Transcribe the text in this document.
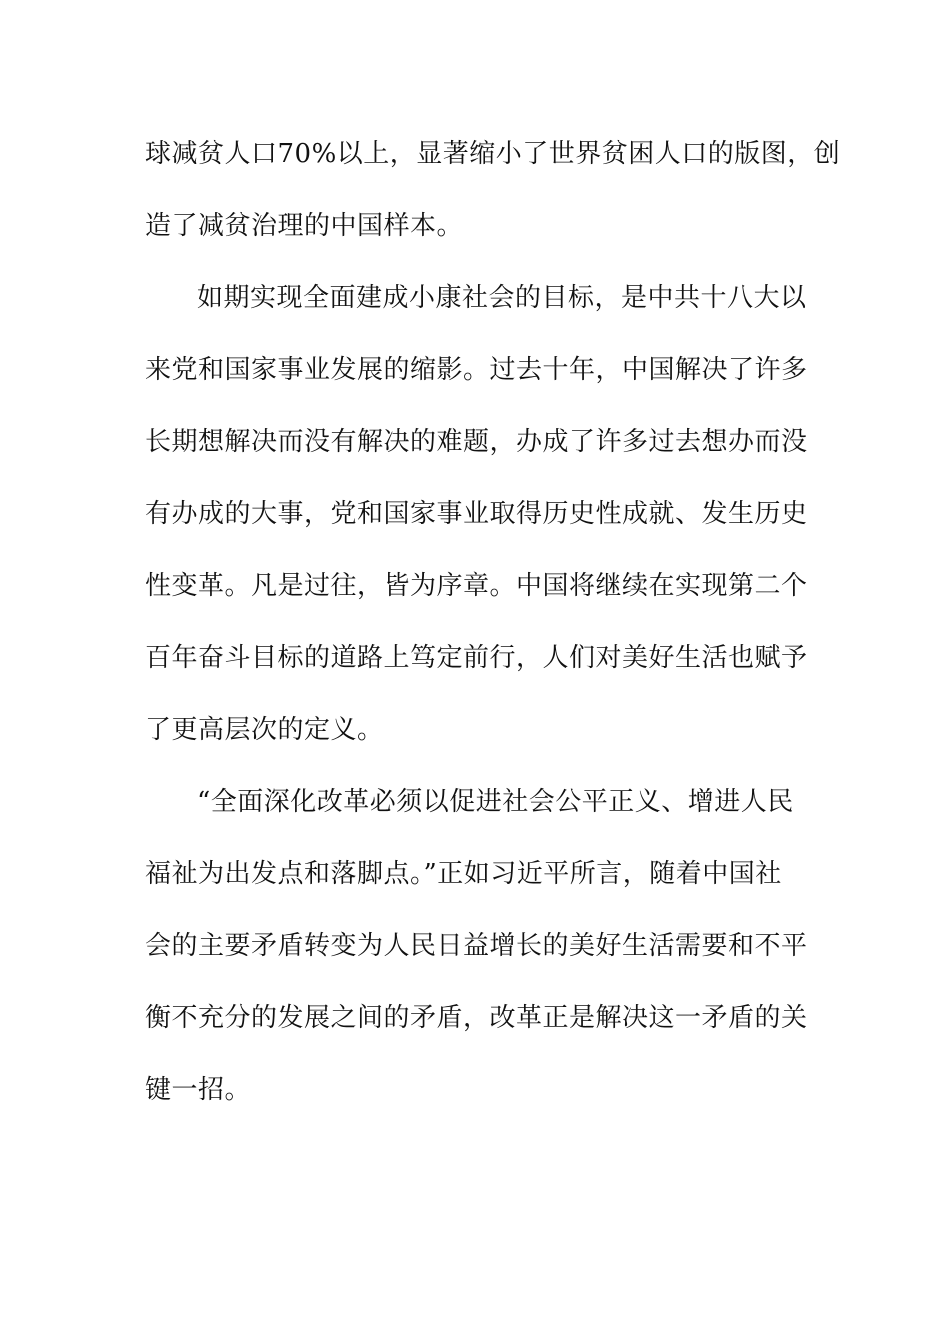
球减贫人口70%以上，显著缩小了世界贫困人口的版图，创
造了减贫治理的中国样本。
如期实现全面建成小康社会的目标，是中共十八大以
来党和国家事业发展的缩影。过去十年，中国解决了许多
长期想解决而没有解决的难题，办成了许多过去想办而没
有办成的大事，党和国家事业取得历史性成就、发生历史
性变革。凡是过往，皆为序章。中国将继续在实现第二个
百年奋斗目标的道路上笃定前行，人们对美好生活也赋予
了更高层次的定义。
“全面深化改革必须以促进社会公平正义、增进人民
福祉为出发点和落脚点。”正如习近平所言，随着中国社
会的主要矛盾转变为人民日益增长的美好生活需要和不平
衡不充分的发展之间的矛盾，改革正是解决这一矛盾的关
键一招。
